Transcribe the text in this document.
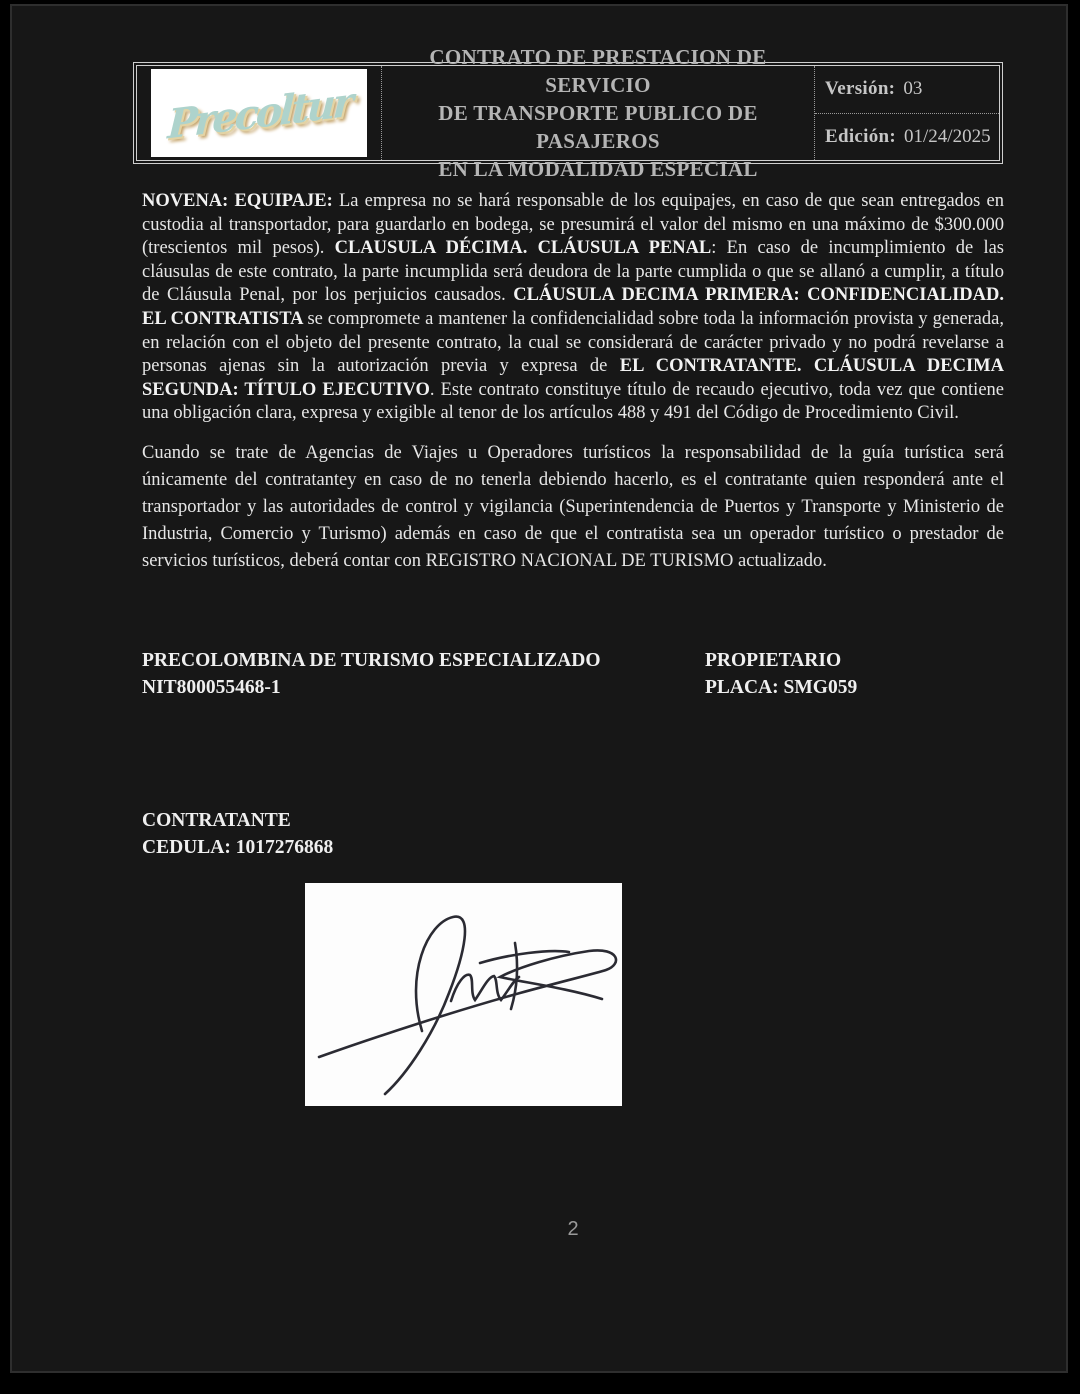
Precoltur
CONTRATO DE PRESTACION DE SERVICIO
DE TRANSPORTE PUBLICO DE PASAJEROS
EN LA MODALIDAD ESPECIAL
Versión: 03
Edición: 01/24/2025

NOVENA: EQUIPAJE: La empresa no se hará responsable de los equipajes, en caso de que sean entregados en custodia al transportador, para guardarlo en bodega, se presumirá el valor del mismo en una máximo de $300.000 (trescientos mil pesos). CLAUSULA DÉCIMA. CLÁUSULA PENAL: En caso de incumplimiento de las cláusulas de este contrato, la parte incumplida será deudora de la parte cumplida o que se allanó a cumplir, a título de Cláusula Penal, por los perjuicios causados. CLÁUSULA DECIMA PRIMERA: CONFIDENCIALIDAD. EL CONTRATISTA se compromete a mantener la confidencialidad sobre toda la información provista y generada, en relación con el objeto del presente contrato, la cual se considerará de carácter privado y no podrá revelarse a personas ajenas sin la autorización previa y expresa de EL CONTRATANTE. CLÁUSULA DECIMA SEGUNDA: TÍTULO EJECUTIVO. Este contrato constituye título de recaudo ejecutivo, toda vez que contiene una obligación clara, expresa y exigible al tenor de los artículos 488 y 491 del Código de Procedimiento Civil.

Cuando se trate de Agencias de Viajes u Operadores turísticos la responsabilidad de la guía turística será únicamente del contratantey en caso de no tenerla debiendo hacerlo, es el contratante quien responderá ante el transportador y las autoridades de control y vigilancia (Superintendencia de Puertos y Transporte y Ministerio de Industria, Comercio y Turismo) además en caso de que el contratista sea un operador turístico o prestador de servicios turísticos, deberá contar con REGISTRO NACIONAL DE TURISMO actualizado.

PRECOLOMBINA DE TURISMO ESPECIALIZADO
NIT800055468-1
PROPIETARIO
PLACA: SMG059
CONTRATANTE
CEDULA: 1017276868
2
